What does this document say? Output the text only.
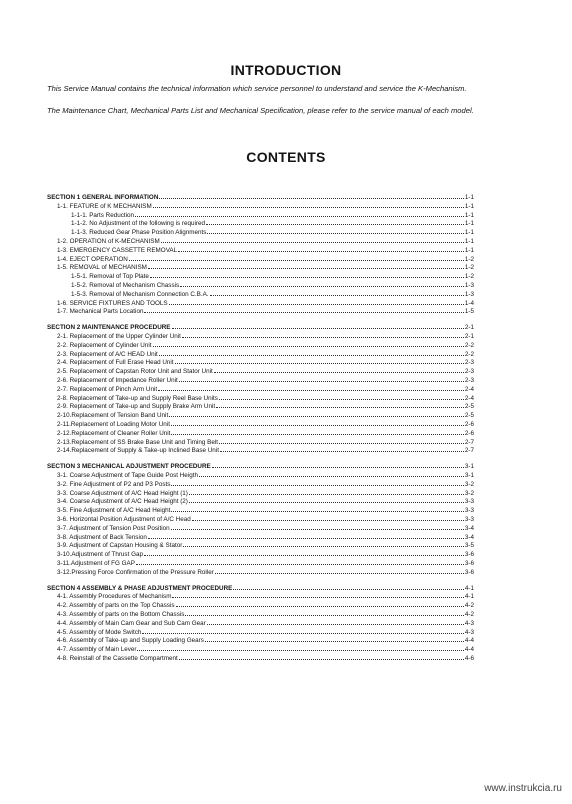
INTRODUCTION
This Service Manual contains the technical information which service personnel to understand and service the K-Mechanism.
The Maintenance Chart, Mechanical Parts List and Mechanical Specification, please refer to the service manual of each model.
CONTENTS
SECTION 1 GENERAL INFORMATION	1-1
1-1. FEATURE of K MECHANISM	1-1
1-1-1. Parts Reduction	1-1
1-1-2. No Adjustment of the following is required	1-1
1-1-3. Reduced Gear Phase Position Alignments	1-1
1-2. OPERATION of K-MECHANISM	1-1
1-3. EMERGENCY CASSETTE REMOVAL	1-1
1-4. EJECT OPERATION	1-2
1-5. REMOVAL of MECHANISM	1-2
1-5-1. Removal of Top Plate	1-2
1-5-2. Removal of Mechanism Chassis	1-3
1-5-3. Removal of Mechanism Connection C.B.A.	1-3
1-6. SERVICE FIXTURES AND TOOLS	1-4
1-7. Mechanical Parts Location	1-5
SECTION 2 MAINTENANCE PROCEDURE	2-1
2-1. Replacement of the Upper Cylinder Unit	2-1
2-2. Replacement of Cylinder Unit	2-2
2-3. Replacement of A/C HEAD Unit	2-2
2-4. Replacement of Full Erase Head Unit	2-3
2-5. Replacement of Capstan Rotor Unit and Stator Unit	2-3
2-6. Replacement of Impedance Roller Unit	2-3
2-7. Replacement of Pinch Arm Unit	2-4
2-8. Replacement of Take-up and Supply Reel Base Units	2-4
2-9. Replacement of Take-up and Supply Brake Arm Unit	2-5
2-10.Replacement of Tension Band Unit	2-5
2-11.Replacement of Loading Motor Unit	2-6
2-12.Replacement of Cleaner Roller Unit	2-6
2-13.Replacement of SS Brake Base Unit and Timing Belt	2-7
2-14.Replacement of Supply & Take-up Inclined Base Unit	2-7
SECTION 3 MECHANICAL ADJUSTMENT PROCEDURE	3-1
3-1. Coarse Adjustment of Tape Guide Post Heigth	3-1
3-2. Fine Adjustment of P2 and P3 Posts	3-2
3-3. Coarse Adjustment of A/C Head Height (1)	3-2
3-4. Coarse Adjustment of A/C Head Height (2)	3-3
3-5. Fine Adjustment of A/C Head Height	3-3
3-6. Horizontal Position Adjustment of A/C Head	3-3
3-7. Adjustment of Tension Post Position	3-4
3-8. Adjustment of Back Tension	3-4
3-9. Adjustment of Capstan Housing & Stator	3-5
3-10.Adjustment of Thrust Gap	3-6
3-11.Adjustment of FG GAP	3-6
3-12.Pressing Force Confirmation of the Pressure Roller	3-6
SECTION 4 ASSEMBLY & PHASE ADJUSTMENT PROCEDURE	4-1
4-1. Assembly Procedures of Mechanism	4-1
4-2. Assembly of parts on the Top Chassis	4-2
4-3. Assembly of parts on the Bottom Chassis	4-2
4-4. Assembly of Main Cam Gear and Sub Cam Gear	4-3
4-5. Assembly of Mode Switch	4-3
4-6. Assembly of Take-up and Supply Loading Gears	4-4
4-7. Assembly of Main Lever	4-4
4-8. Reinstall of the Cassette Compartment	4-6
www.instrukcia.ru
